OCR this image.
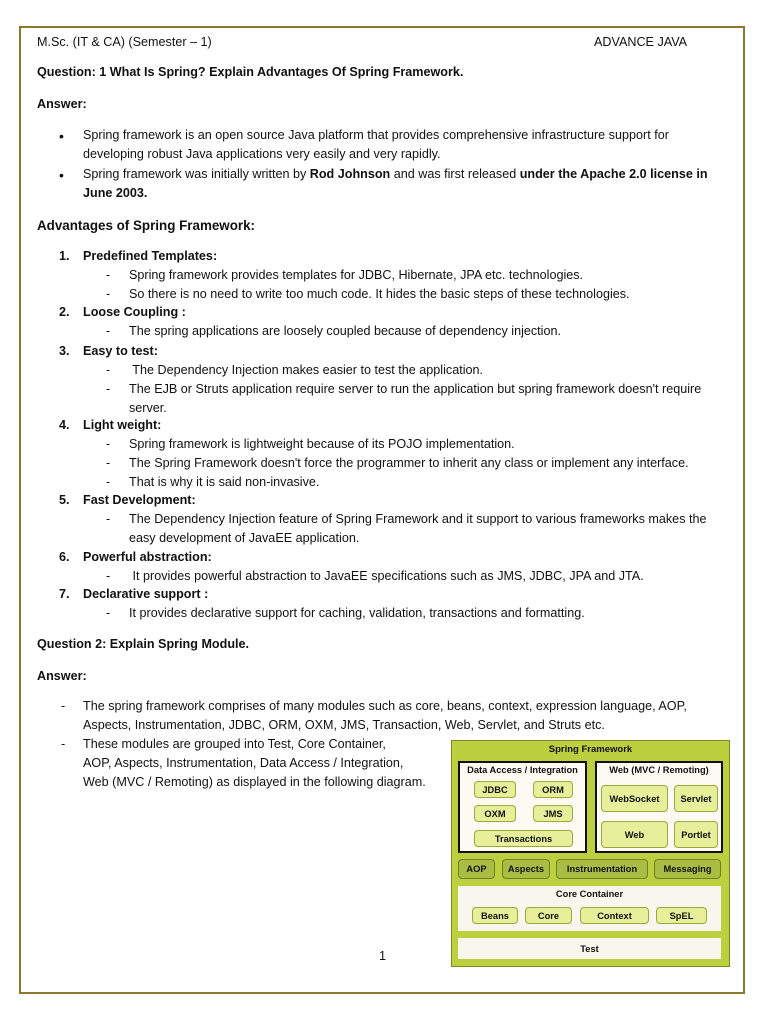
M.Sc. (IT & CA) (Semester – 1)	ADVANCE JAVA
Question: 1 What Is Spring? Explain Advantages Of Spring Framework.
Answer:
• Spring framework is an open source Java platform that provides comprehensive infrastructure support for
developing robust Java applications very easily and very rapidly.
• Spring framework was initially written by Rod Johnson and was first released under the Apache 2.0 license in
June 2003.
Advantages of Spring Framework:
1. Predefined Templates:
- Spring framework provides templates for JDBC, Hibernate, JPA etc. technologies.
- So there is no need to write too much code. It hides the basic steps of these technologies.
2. Loose Coupling :
- The spring applications are loosely coupled because of dependency injection.
3. Easy to test:
- The Dependency Injection makes easier to test the application.
- The EJB or Struts application require server to run the application but spring framework doesn't require
server.
4. Light weight:
- Spring framework is lightweight because of its POJO implementation.
- The Spring Framework doesn't force the programmer to inherit any class or implement any interface.
- That is why it is said non-invasive.
5. Fast Development:
- The Dependency Injection feature of Spring Framework and it support to various frameworks makes the
easy development of JavaEE application.
6. Powerful abstraction:
- It provides powerful abstraction to JavaEE specifications such as JMS, JDBC, JPA and JTA.
7. Declarative support :
- It provides declarative support for caching, validation, transactions and formatting.
Question 2: Explain Spring Module.
Answer:
- The spring framework comprises of many modules such as core, beans, context, expression language, AOP,
Aspects, Instrumentation, JDBC, ORM, OXM, JMS, Transaction, Web, Servlet, and Struts etc.
- These modules are grouped into Test, Core Container,
AOP, Aspects, Instrumentation, Data Access / Integration,
Web (MVC / Remoting) as displayed in the following diagram.
Spring Framework
Data Access / Integration
JDBC	ORM
OXM	JMS
Transactions
Web (MVC / Remoting)
WebSocket	Servlet
Web	Portlet
AOP	Aspects	Instrumentation	Messaging
Core Container
Beans	Core	Context	SpEL
Test
1
